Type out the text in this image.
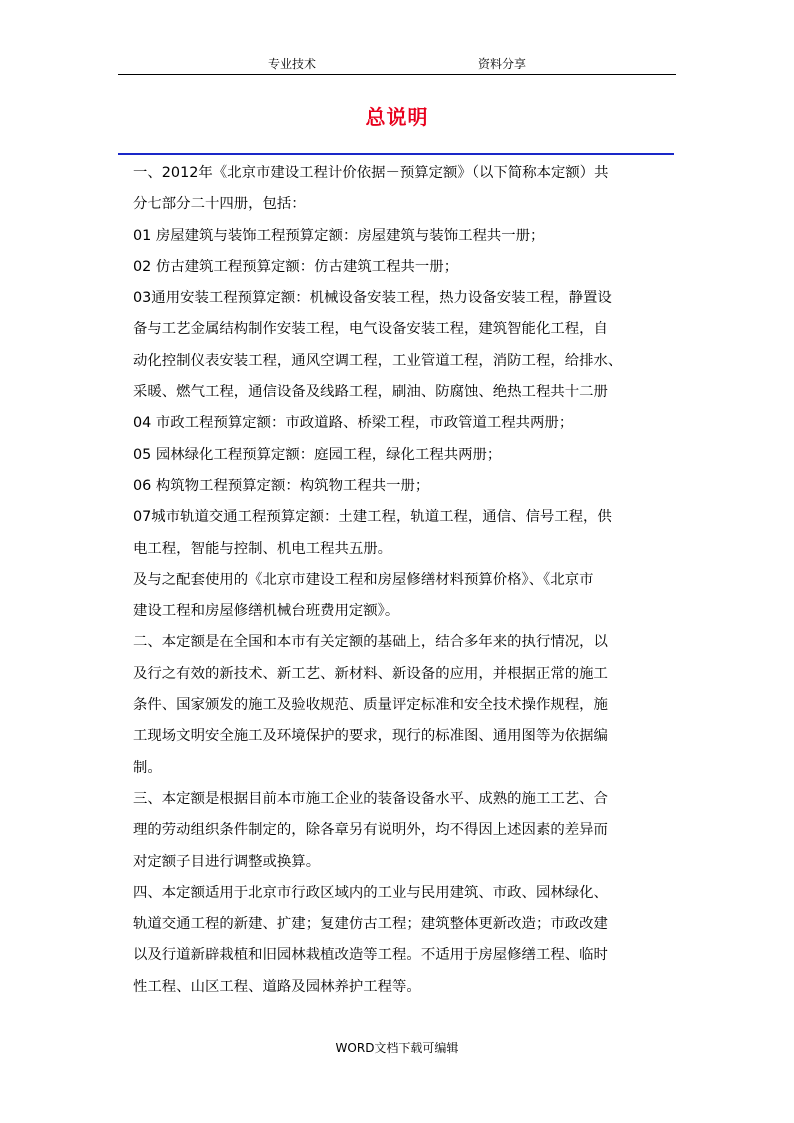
专业技术	资料分享
总说明

一、2012年《北京市建设工程计价依据－预算定额》（以下简称本定额）共

分七部分二十四册，包括：

01 房屋建筑与装饰工程预算定额：房屋建筑与装饰工程共一册；

02 仿古建筑工程预算定额：仿古建筑工程共一册；

03通用安装工程预算定额：机械设备安装工程，热力设备安装工程，静置设

备与工艺金属结构制作安装工程，电气设备安装工程，建筑智能化工程，自

动化控制仪表安装工程，通风空调工程，工业管道工程，消防工程，给排水、

采暖、燃气工程，通信设备及线路工程，刷油、防腐蚀、绝热工程共十二册

04 市政工程预算定额：市政道路、桥梁工程，市政管道工程共两册；

05 园林绿化工程预算定额：庭园工程，绿化工程共两册；

06 构筑物工程预算定额：构筑物工程共一册；

07城市轨道交通工程预算定额：土建工程，轨道工程，通信、信号工程，供

电工程，智能与控制、机电工程共五册。

及与之配套使用的《北京市建设工程和房屋修缮材料预算价格》、《北京市

建设工程和房屋修缮机械台班费用定额》。

二、本定额是在全国和本市有关定额的基础上，结合多年来的执行情况，以

及行之有效的新技术、新工艺、新材料、新设备的应用，并根据正常的施工

条件、国家颁发的施工及验收规范、质量评定标准和安全技术操作规程，施

工现场文明安全施工及环境保护的要求，现行的标准图、通用图等为依据编

制。

三、本定额是根据目前本市施工企业的装备设备水平、成熟的施工工艺、合

理的劳动组织条件制定的，除各章另有说明外，均不得因上述因素的差异而

对定额子目进行调整或换算。

四、本定额适用于北京市行政区域内的工业与民用建筑、市政、园林绿化、

轨道交通工程的新建、扩建；复建仿古工程；建筑整体更新改造；市政改建

以及行道新辟栽植和旧园林栽植改造等工程。不适用于房屋修缮工程、临时

性工程、山区工程、道路及园林养护工程等。

WORD文档下载可编辑
